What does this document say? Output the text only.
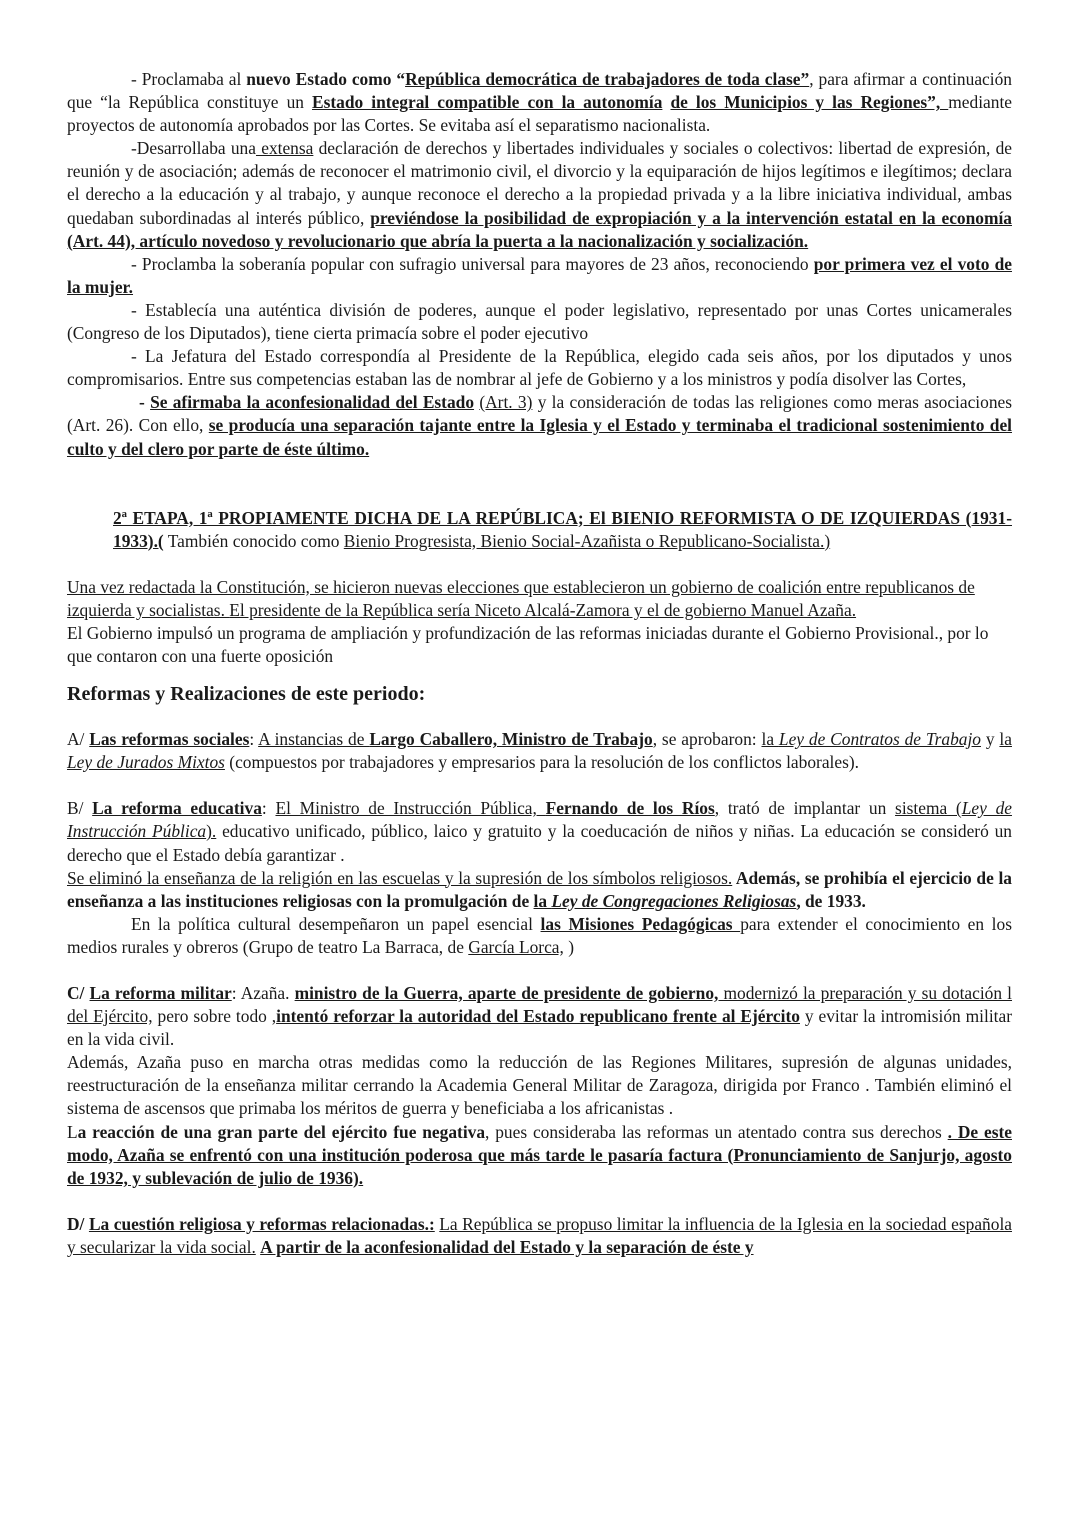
- Proclamaba al nuevo Estado como “República democrática de trabajadores de toda clase”, para afirmar a continuación que “la República constituye un Estado integral compatible con la autonomía de los Municipios y las Regiones”, mediante proyectos de autonomía aprobados por las Cortes. Se evitaba así el separatismo nacionalista.

-Desarrollaba una extensa declaración de derechos y libertades individuales y sociales o colectivos: libertad de expresión, de reunión y de asociación; además de reconocer el matrimonio civil, el divorcio y la equiparación de hijos legítimos e ilegítimos; declara el derecho a la educación y al trabajo, y aunque reconoce el derecho a la propiedad privada y a la libre iniciativa individual, ambas quedaban subordinadas al interés público, previéndose la posibilidad de expropiación y a la intervención estatal en la economía (Art. 44), artículo novedoso y revolucionario que abría la puerta a la nacionalización y socialización.

- Proclamba la soberanía popular con sufragio universal para mayores de 23 años, reconociendo por primera vez el voto de la mujer.

- Establecía una auténtica división de poderes, aunque el poder legislativo, representado por unas Cortes unicamerales (Congreso de los Diputados), tiene cierta primacía sobre el poder ejecutivo

- La Jefatura del Estado correspondía al Presidente de la República, elegido cada seis años, por los diputados y unos compromisarios. Entre sus competencias estaban las de nombrar al jefe de Gobierno y a los ministros y podía disolver las Cortes,

- Se afirmaba la aconfesionalidad del Estado (Art. 3) y la consideración de todas las religiones como meras asociaciones (Art. 26). Con ello, se producía una separación tajante entre la Iglesia y el Estado y terminaba el tradicional sostenimiento del culto y del clero por parte de éste último.

2ª ETAPA, 1ª PROPIAMENTE DICHA DE LA REPÚBLICA; El BIENIO REFORMISTA O DE IZQUIERDAS (1931-1933).( También conocido como Bienio Progresista, Bienio Social-Azañista o Republicano-Socialista.)

Una vez redactada la Constitución, se hicieron nuevas elecciones que establecieron un gobierno de coalición entre republicanos de izquierda y socialistas. El presidente de la República sería Niceto Alcalá-Zamora y el de gobierno Manuel Azaña.

El Gobierno impulsó un programa de ampliación y profundización de las reformas iniciadas durante el Gobierno Provisional., por lo que contaron con una fuerte oposición

Reformas y Realizaciones de este periodo:

A/ Las reformas sociales: A instancias de Largo Caballero, Ministro de Trabajo, se aprobaron: la Ley de Contratos de Trabajo y la Ley de Jurados Mixtos (compuestos por trabajadores y empresarios para la resolución de los conflictos laborales).

B/ La reforma educativa: El Ministro de Instrucción Pública, Fernando de los Ríos, trató de implantar un sistema (Ley de Instrucción Pública). educativo unificado, público, laico y gratuito y la coeducación de niños y niñas. La educación se consideró un derecho que el Estado debía garantizar .

Se eliminó la enseñanza de la religión en las escuelas y la supresión de los símbolos religiosos. Además, se prohibía el ejercicio de la enseñanza a las instituciones religiosas con la promulgación de la Ley de Congregaciones Religiosas, de 1933.

En la política cultural desempeñaron un papel esencial las Misiones Pedagógicas para extender el conocimiento en los medios rurales y obreros (Grupo de teatro La Barraca, de García Lorca, )

C/ La reforma militar: Azaña. ministro de la Guerra, aparte de presidente de gobierno, modernizó la preparación y su dotación l del Ejército, pero sobre todo ,intentó reforzar la autoridad del Estado republicano frente al Ejército y evitar la intromisión militar en la vida civil.

Además, Azaña puso en marcha otras medidas como la reducción de las Regiones Militares, supresión de algunas unidades, reestructuración de la enseñanza militar cerrando la Academia General Militar de Zaragoza, dirigida por Franco . También eliminó el sistema de ascensos que primaba los méritos de guerra y beneficiaba a los africanistas .

La reacción de una gran parte del ejército fue negativa, pues consideraba las reformas un atentado contra sus derechos . De este modo, Azaña se enfrentó con una institución poderosa que más tarde le pasaría factura (Pronunciamiento de Sanjurjo, agosto de 1932, y sublevación de julio de 1936).

D/ La cuestión religiosa y reformas relacionadas.: La República se propuso limitar la influencia de la Iglesia en la sociedad española y secularizar la vida social. A partir de la aconfesionalidad del Estado y la separación de éste y
